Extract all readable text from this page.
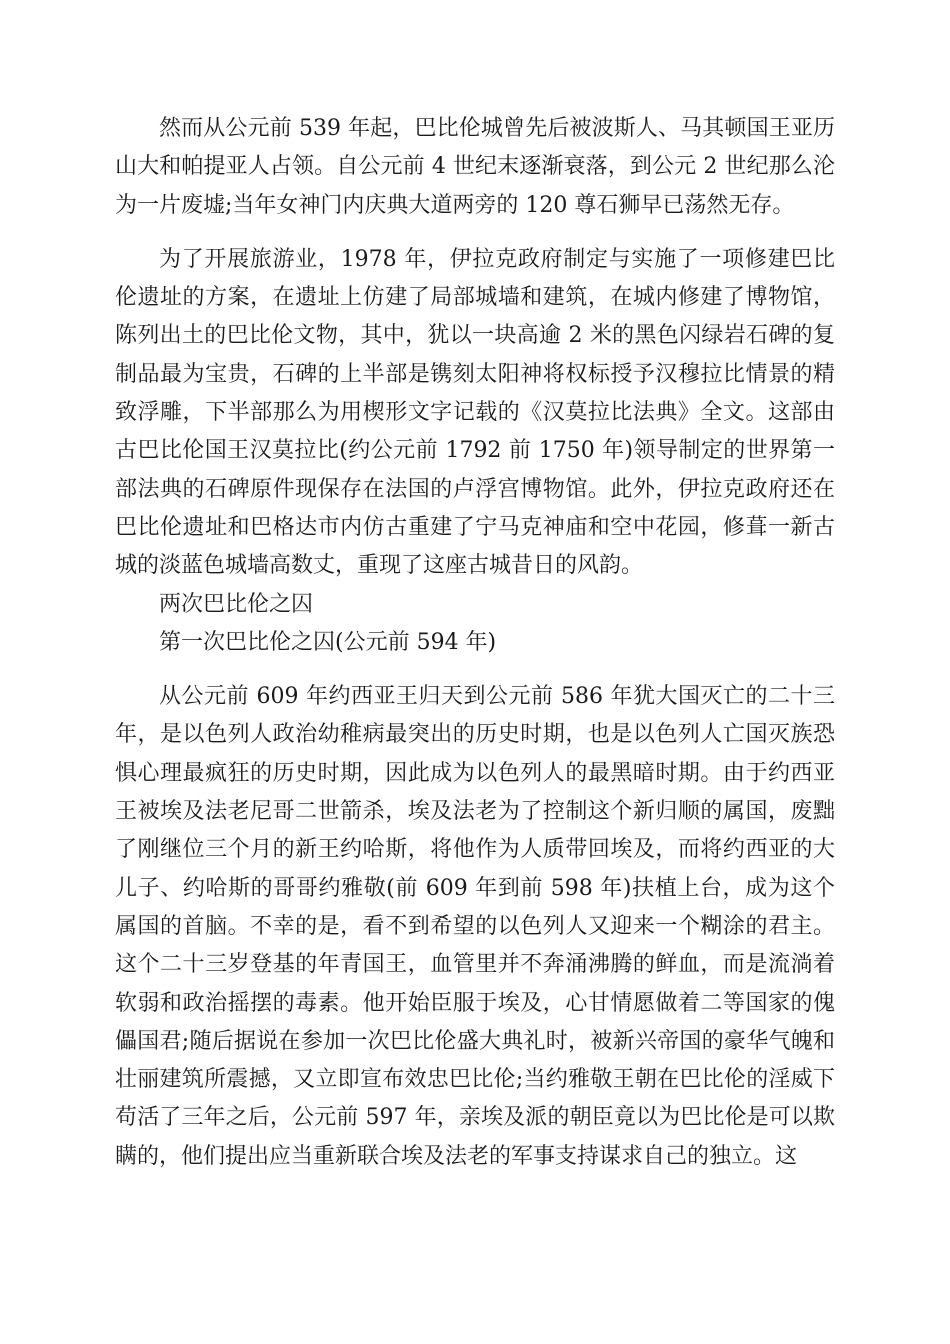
然而从公元前 539 年起，巴比伦城曾先后被波斯人、马其顿国王亚历山大和帕提亚人占领。自公元前 4 世纪末逐渐衰落，到公元 2 世纪那么沦为一片废墟;当年女神门内庆典大道两旁的 120 尊石狮早已荡然无存。

为了开展旅游业，1978 年，伊拉克政府制定与实施了一项修建巴比伦遗址的方案，在遗址上仿建了局部城墙和建筑，在城内修建了博物馆，陈列出土的巴比伦文物，其中，犹以一块高逾 2 米的黑色闪绿岩石碑的复制品最为宝贵，石碑的上半部是镌刻太阳神将权标授予汉穆拉比情景的精致浮雕，下半部那么为用楔形文字记载的《汉莫拉比法典》全文。这部由古巴比伦国王汉莫拉比(约公元前 1792 前 1750 年)领导制定的世界第一部法典的石碑原件现保存在法国的卢浮宫博物馆。此外，伊拉克政府还在巴比伦遗址和巴格达市内仿古重建了宁马克神庙和空中花园，修葺一新古城的淡蓝色城墙高数丈，重现了这座古城昔日的风韵。

两次巴比伦之囚

第一次巴比伦之囚(公元前 594 年)

从公元前 609 年约西亚王归天到公元前 586 年犹大国灭亡的二十三年，是以色列人政治幼稚病最突出的历史时期，也是以色列人亡国灭族恐惧心理最疯狂的历史时期，因此成为以色列人的最黑暗时期。由于约西亚王被埃及法老尼哥二世箭杀，埃及法老为了控制这个新归顺的属国，废黜了刚继位三个月的新王约哈斯，将他作为人质带回埃及，而将约西亚的大儿子、约哈斯的哥哥约雅敬(前 609 年到前 598 年)扶植上台，成为这个属国的首脑。不幸的是，看不到希望的以色列人又迎来一个糊涂的君主。这个二十三岁登基的年青国王，血管里并不奔涌沸腾的鲜血，而是流淌着软弱和政治摇摆的毒素。他开始臣服于埃及，心甘情愿做着二等国家的傀儡国君;随后据说在参加一次巴比伦盛大典礼时，被新兴帝国的豪华气魄和壮丽建筑所震撼，又立即宣布效忠巴比伦;当约雅敬王朝在巴比伦的淫威下苟活了三年之后，公元前 597 年，亲埃及派的朝臣竟以为巴比伦是可以欺瞒的，他们提出应当重新联合埃及法老的军事支持谋求自己的独立。这
